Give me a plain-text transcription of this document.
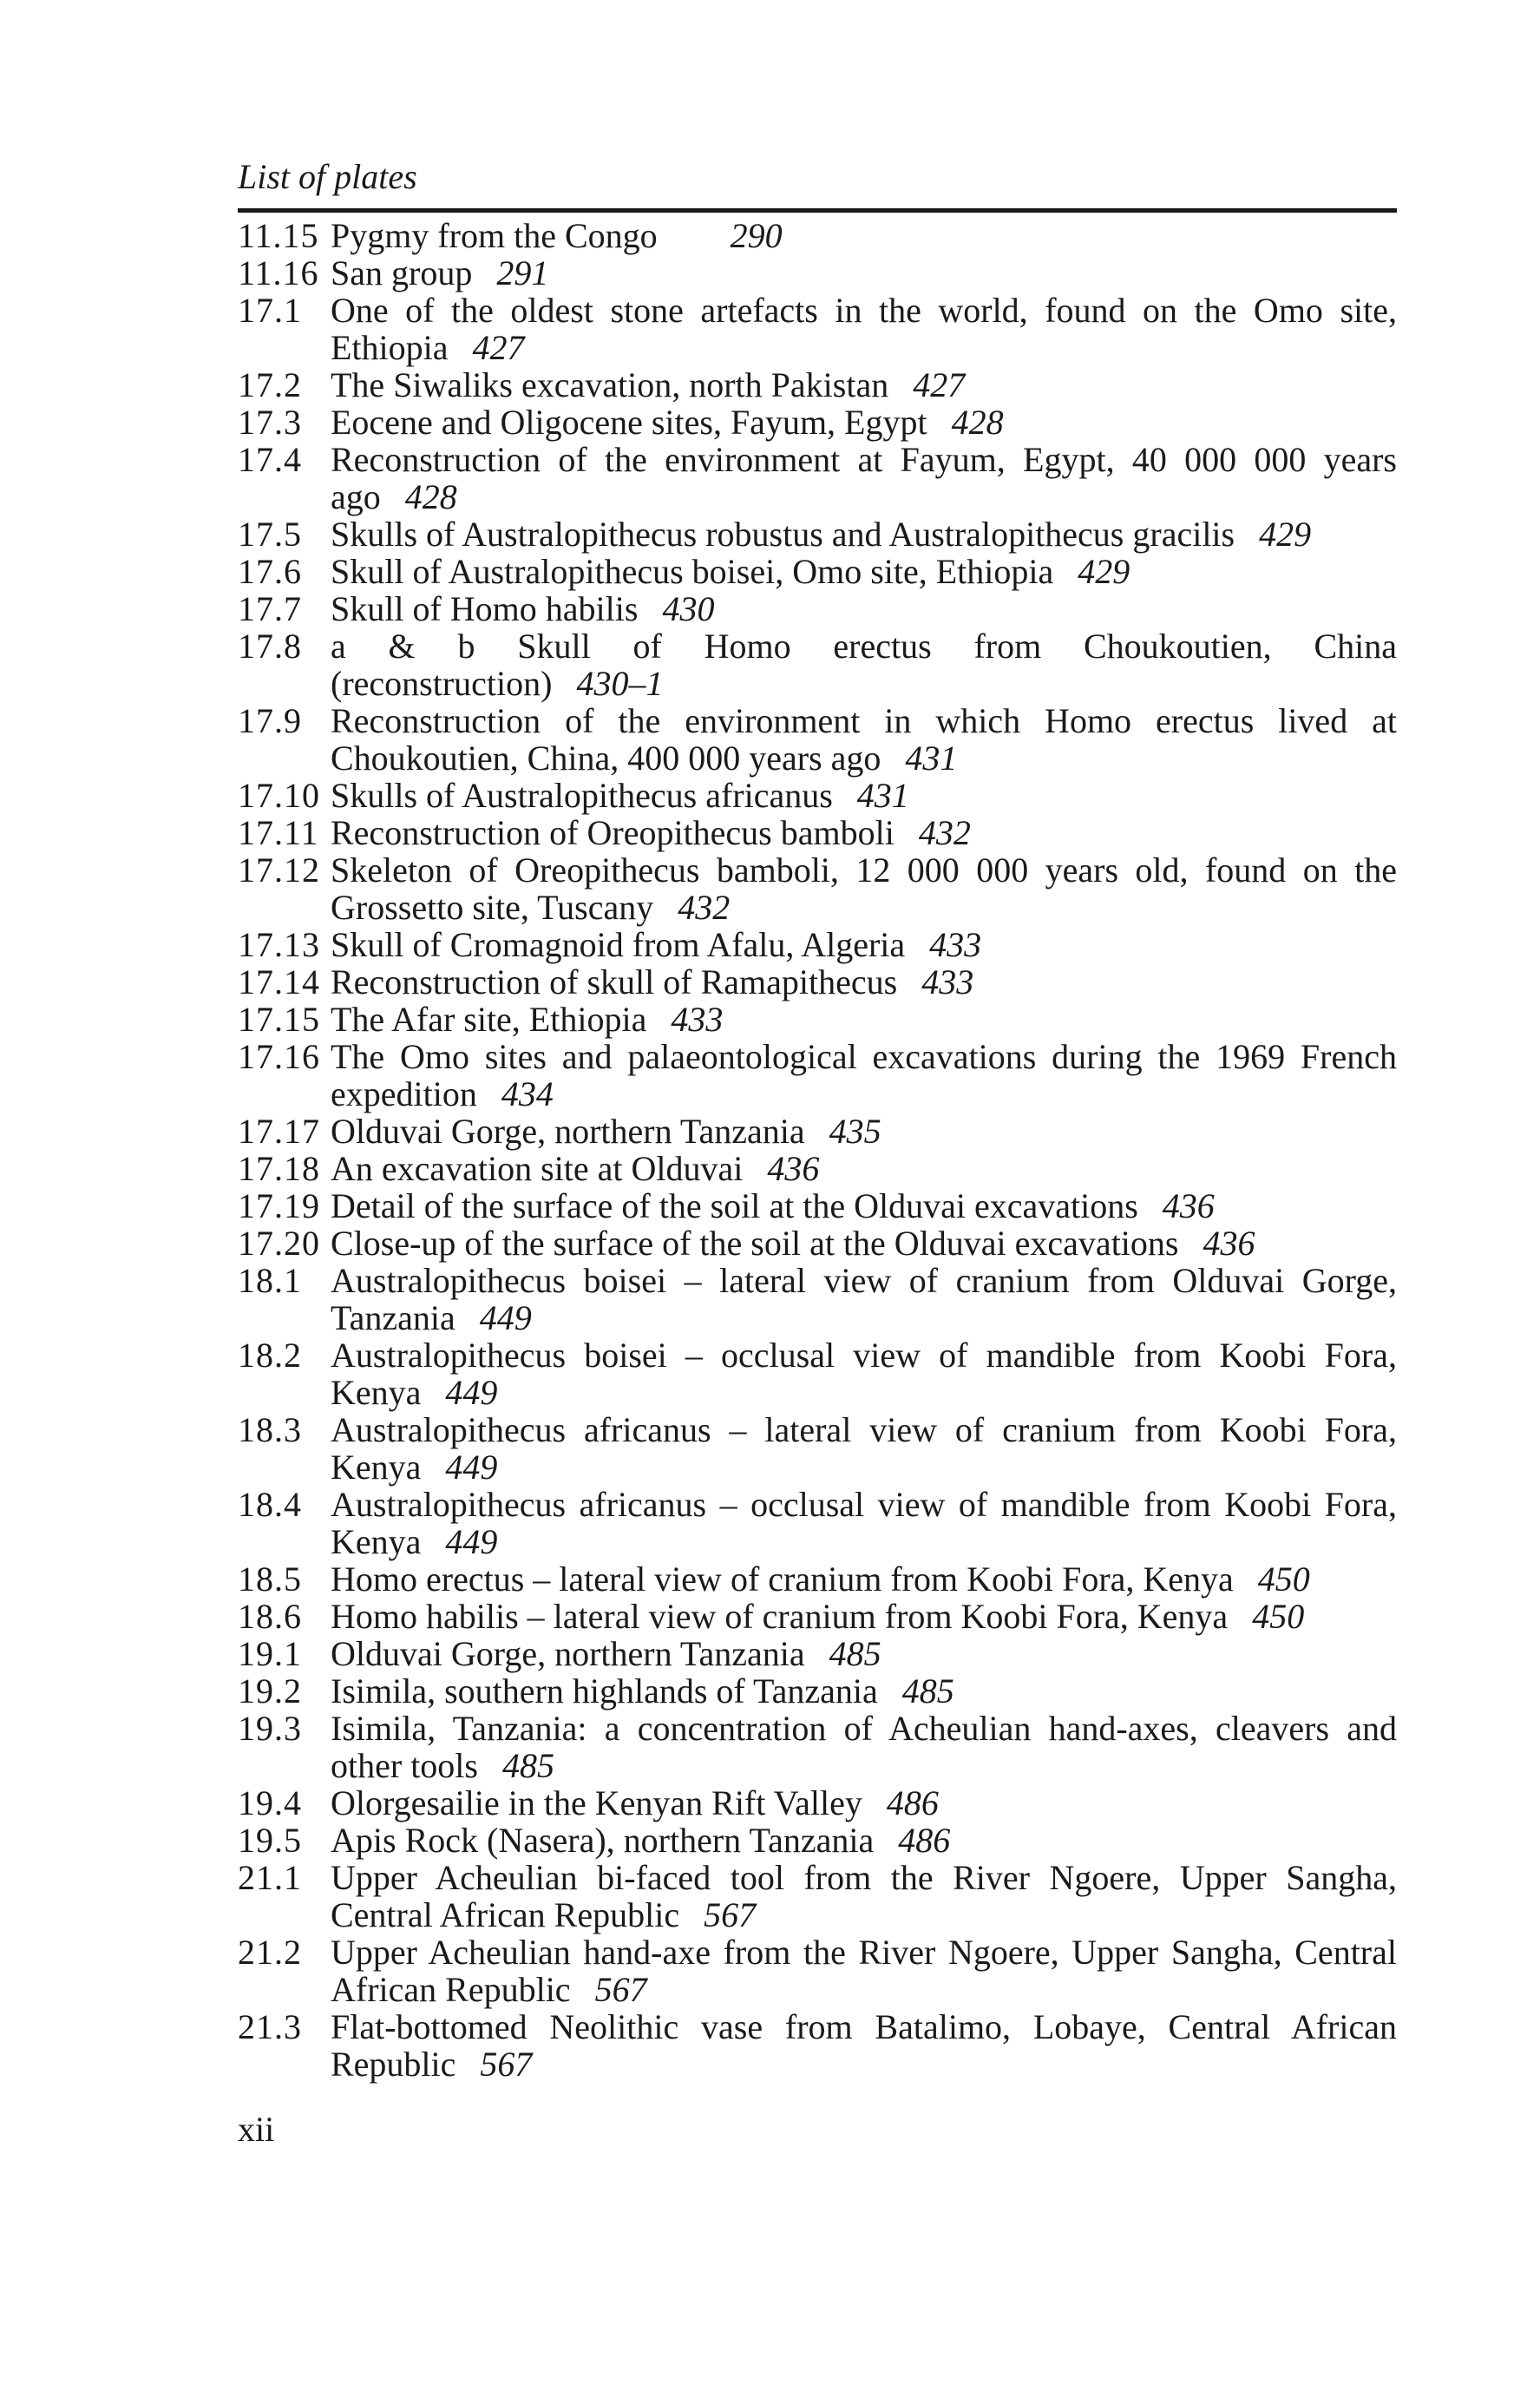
List of plates
11.15 Pygmy from the Congo 290
11.16 San group 291
17.1 One of the oldest stone artefacts in the world, found on the Omo site, Ethiopia 427
17.2 The Siwaliks excavation, north Pakistan 427
17.3 Eocene and Oligocene sites, Fayum, Egypt 428
17.4 Reconstruction of the environment at Fayum, Egypt, 40 000 000 years ago 428
17.5 Skulls of Australopithecus robustus and Australopithecus gracilis 429
17.6 Skull of Australopithecus boisei, Omo site, Ethiopia 429
17.7 Skull of Homo habilis 430
17.8 a & b Skull of Homo erectus from Choukoutien, China (reconstruction) 430–1
17.9 Reconstruction of the environment in which Homo erectus lived at Choukoutien, China, 400 000 years ago 431
17.10 Skulls of Australopithecus africanus 431
17.11 Reconstruction of Oreopithecus bamboli 432
17.12 Skeleton of Oreopithecus bamboli, 12 000 000 years old, found on the Grossetto site, Tuscany 432
17.13 Skull of Cromagnoid from Afalu, Algeria 433
17.14 Reconstruction of skull of Ramapithecus 433
17.15 The Afar site, Ethiopia 433
17.16 The Omo sites and palaeontological excavations during the 1969 French expedition 434
17.17 Olduvai Gorge, northern Tanzania 435
17.18 An excavation site at Olduvai 436
17.19 Detail of the surface of the soil at the Olduvai excavations 436
17.20 Close-up of the surface of the soil at the Olduvai excavations 436
18.1 Australopithecus boisei – lateral view of cranium from Olduvai Gorge, Tanzania 449
18.2 Australopithecus boisei – occlusal view of mandible from Koobi Fora, Kenya 449
18.3 Australopithecus africanus – lateral view of cranium from Koobi Fora, Kenya 449
18.4 Australopithecus africanus – occlusal view of mandible from Koobi Fora, Kenya 449
18.5 Homo erectus – lateral view of cranium from Koobi Fora, Kenya 450
18.6 Homo habilis – lateral view of cranium from Koobi Fora, Kenya 450
19.1 Olduvai Gorge, northern Tanzania 485
19.2 Isimila, southern highlands of Tanzania 485
19.3 Isimila, Tanzania: a concentration of Acheulian hand-axes, cleavers and other tools 485
19.4 Olorgesailie in the Kenyan Rift Valley 486
19.5 Apis Rock (Nasera), northern Tanzania 486
21.1 Upper Acheulian bi-faced tool from the River Ngoere, Upper Sangha, Central African Republic 567
21.2 Upper Acheulian hand-axe from the River Ngoere, Upper Sangha, Central African Republic 567
21.3 Flat-bottomed Neolithic vase from Batalimo, Lobaye, Central African Republic 567
xii
